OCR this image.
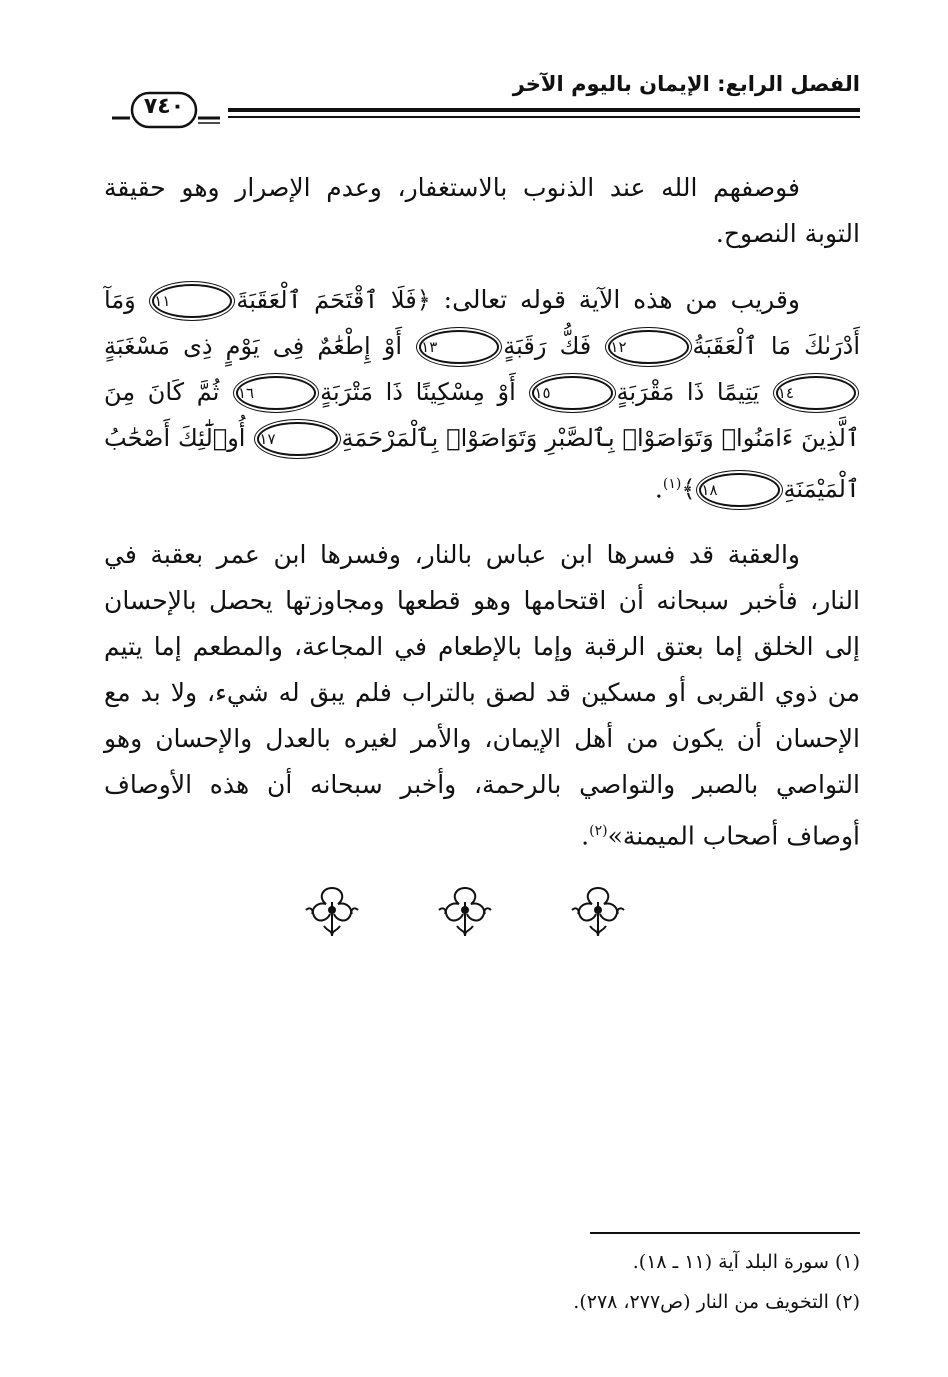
الفصل الرابع: الإيمان باليوم الآخر
٧٤٠

فوصفهم الله عند الذنوب بالاستغفار، وعدم الإصرار وهو حقيقة التوبة النصوح.

وقريب من هذه الآية قوله تعالى: ﴿فَلَا ٱقْتَحَمَ ٱلْعَقَبَةَ١١ وَمَآ أَدْرَىٰكَ مَا ٱلْعَقَبَةُ١٢ فَكُّ رَقَبَةٍ١٣ أَوْ إِطْعَٰمٌ فِى يَوْمٍ ذِى مَسْغَبَةٍ١٤ يَتِيمًا ذَا مَقْرَبَةٍ١٥ أَوْ مِسْكِينًا ذَا مَتْرَبَةٍ١٦ ثُمَّ كَانَ مِنَ ٱلَّذِينَ ءَامَنُوا۟ وَتَوَاصَوْا۟ بِٱلصَّبْرِ وَتَوَاصَوْا۟ بِٱلْمَرْحَمَةِ١٧ أُو۟لَٰٓئِكَ أَصْحَٰبُ ٱلْمَيْمَنَةِ١٨﴾$^{(١)}$.

والعقبة قد فسرها ابن عباس بالنار، وفسرها ابن عمر بعقبة في النار، فأخبر سبحانه أن اقتحامها وهو قطعها ومجاوزتها يحصل بالإحسان إلى الخلق إما بعتق الرقبة وإما بالإطعام في المجاعة، والمطعم إما يتيم من ذوي القربى أو مسكين قد لصق بالتراب فلم يبق له شيء، ولا بد مع الإحسان أن يكون من أهل الإيمان، والأمر لغيره بالعدل والإحسان وهو التواصي بالصبر والتواصي بالرحمة، وأخبر سبحانه أن هذه الأوصاف أوصاف أصحاب الميمنة»$^{(٢)}$.

(١) سورة البلد آية (١١ ـ ١٨).

(٢) التخويف من النار (ص٢٧٧، ٢٧٨).
